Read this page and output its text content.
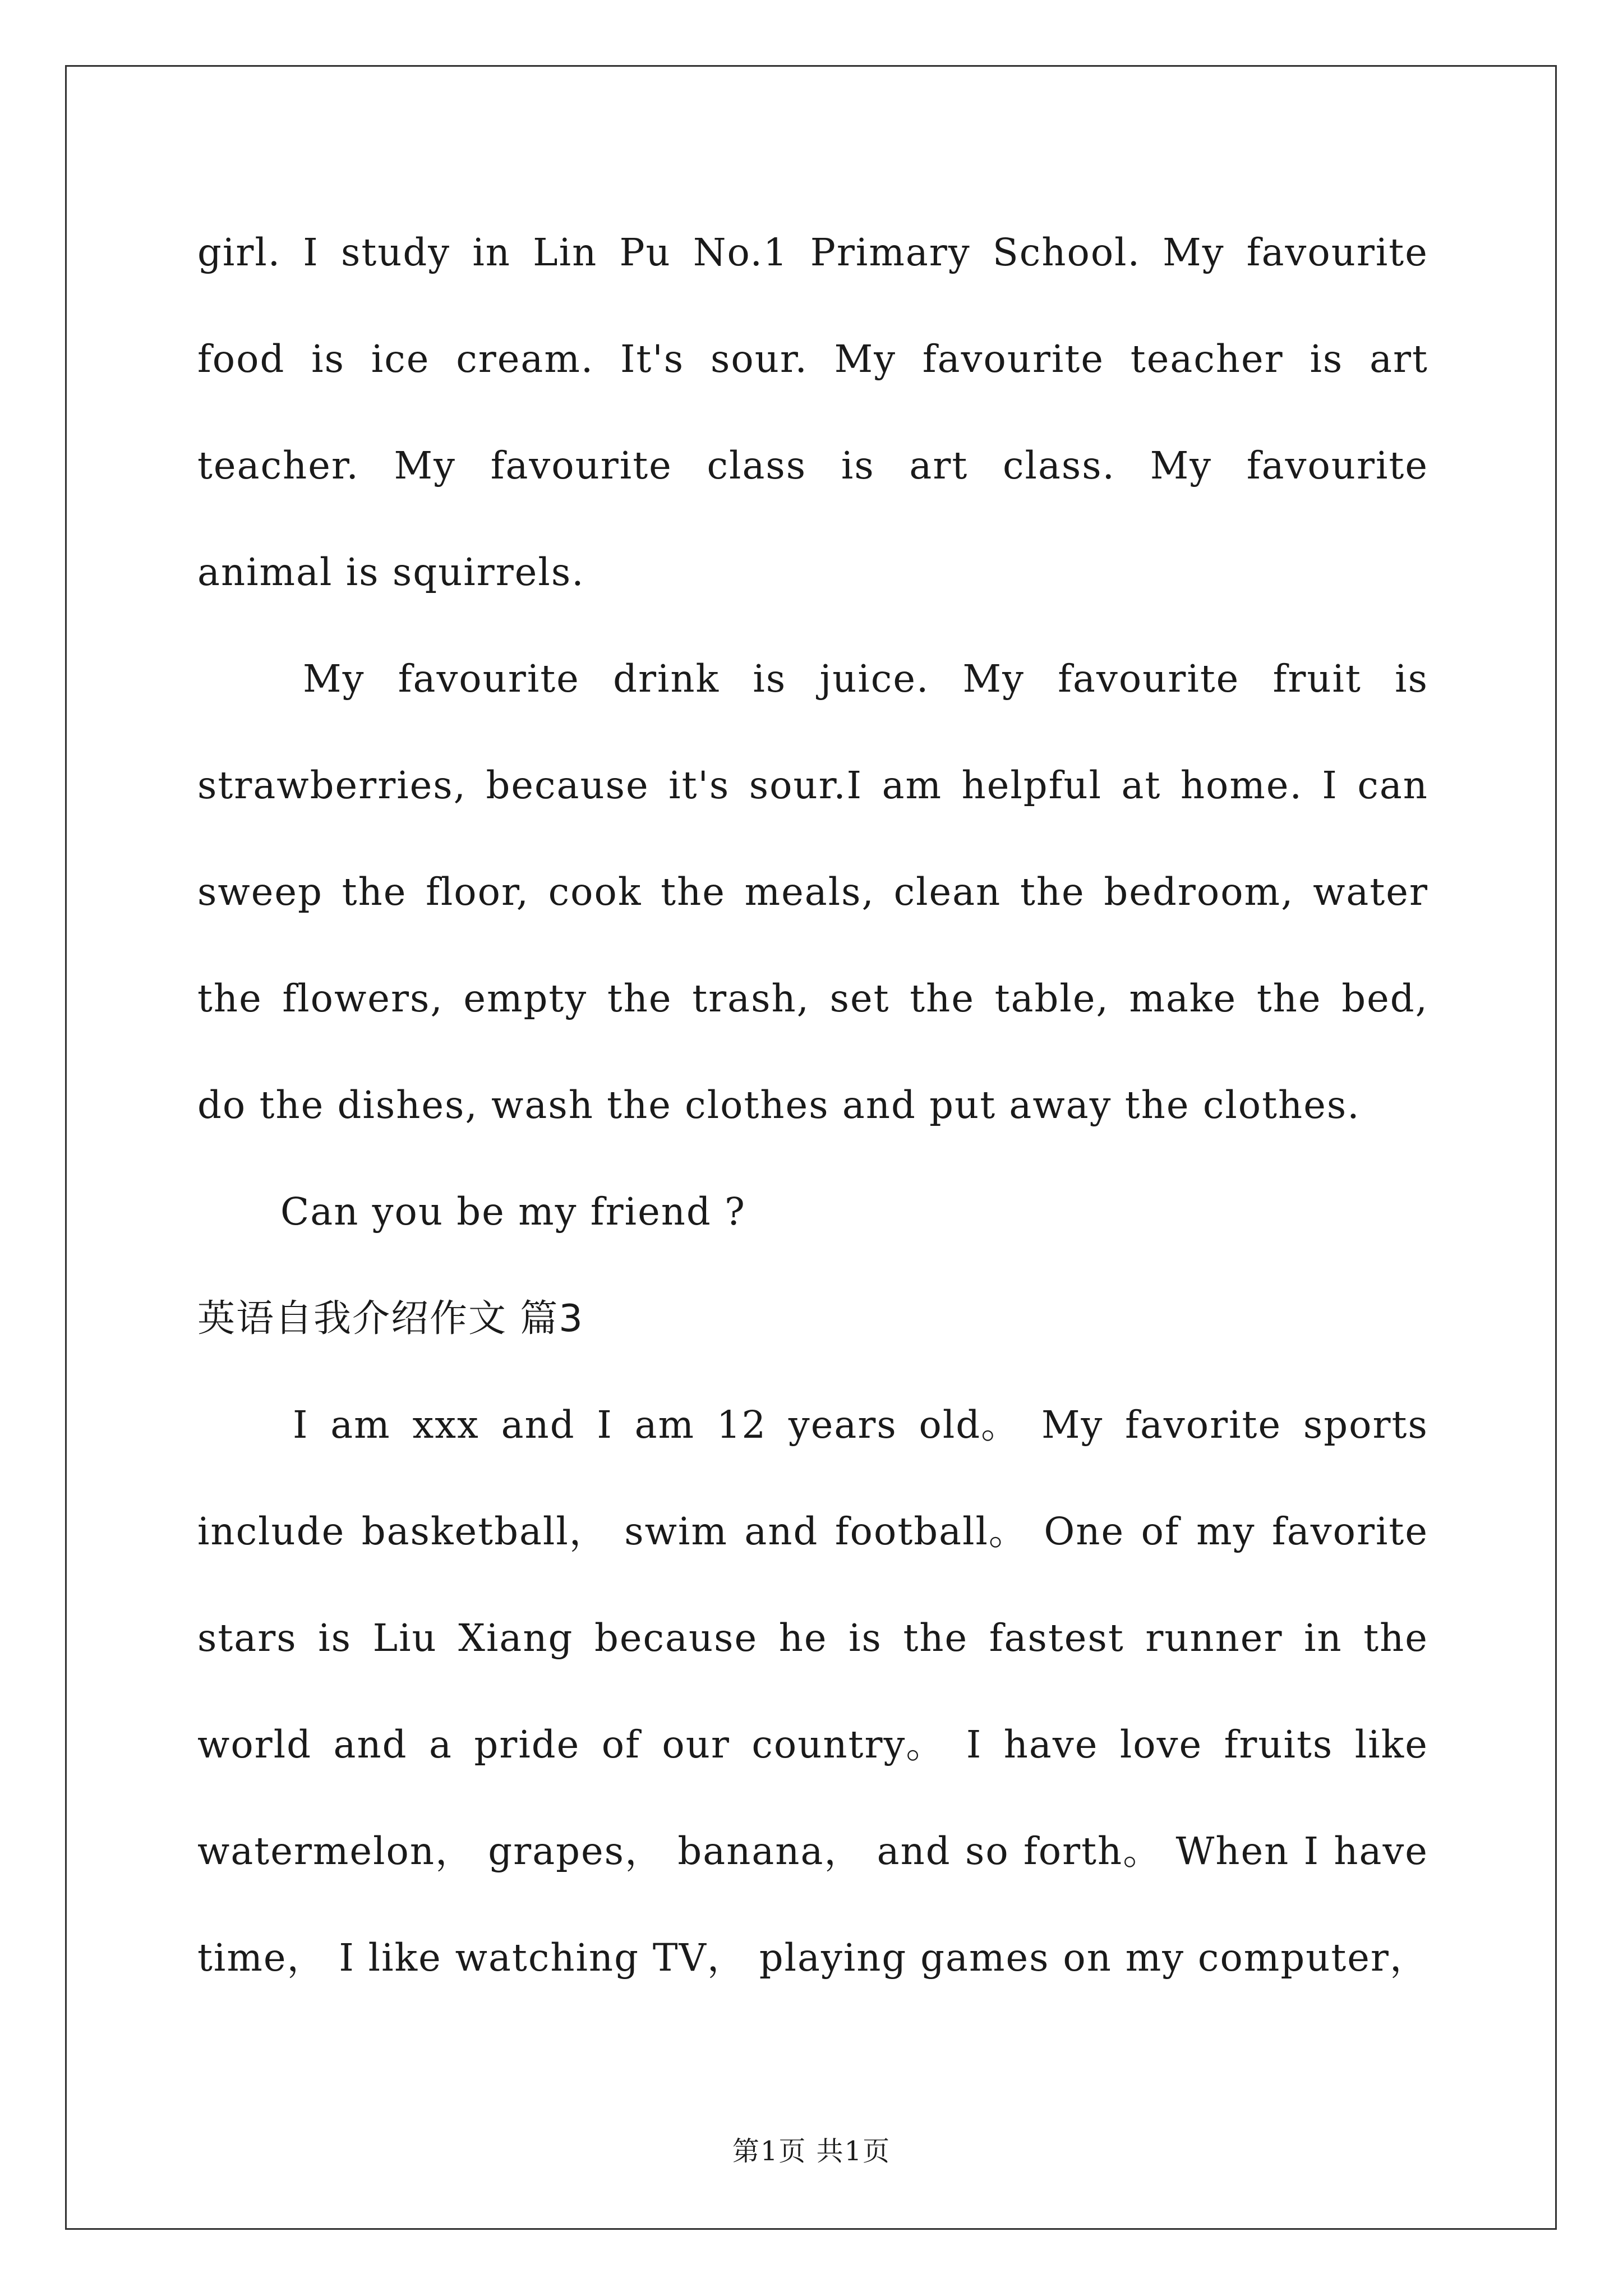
girl. I study in Lin Pu No.1 Primary School. My favourite
food is ice cream. It's sour. My favourite teacher is art
teacher. My favourite class is art class. My favourite
animal is squirrels.
My favourite drink is juice. My favourite fruit is
strawberries, because it's sour.I am helpful at home. I can
sweep the floor, cook the meals, clean the bedroom, water
the flowers, empty the trash, set the table, make the bed,
do the dishes, wash the clothes and put away the clothes.
Can you be my friend ?
英语自我介绍作文 篇3
I am xxx and I am 12 years old。 My favorite sports
include basketball， swim and football。 One of my favorite
stars is Liu Xiang because he is the fastest runner in the
world and a pride of our country。 I have love fruits like
watermelon， grapes， banana， and so forth。 When I have
time， I like watching TV， playing games on my computer，
第1页 共1页
